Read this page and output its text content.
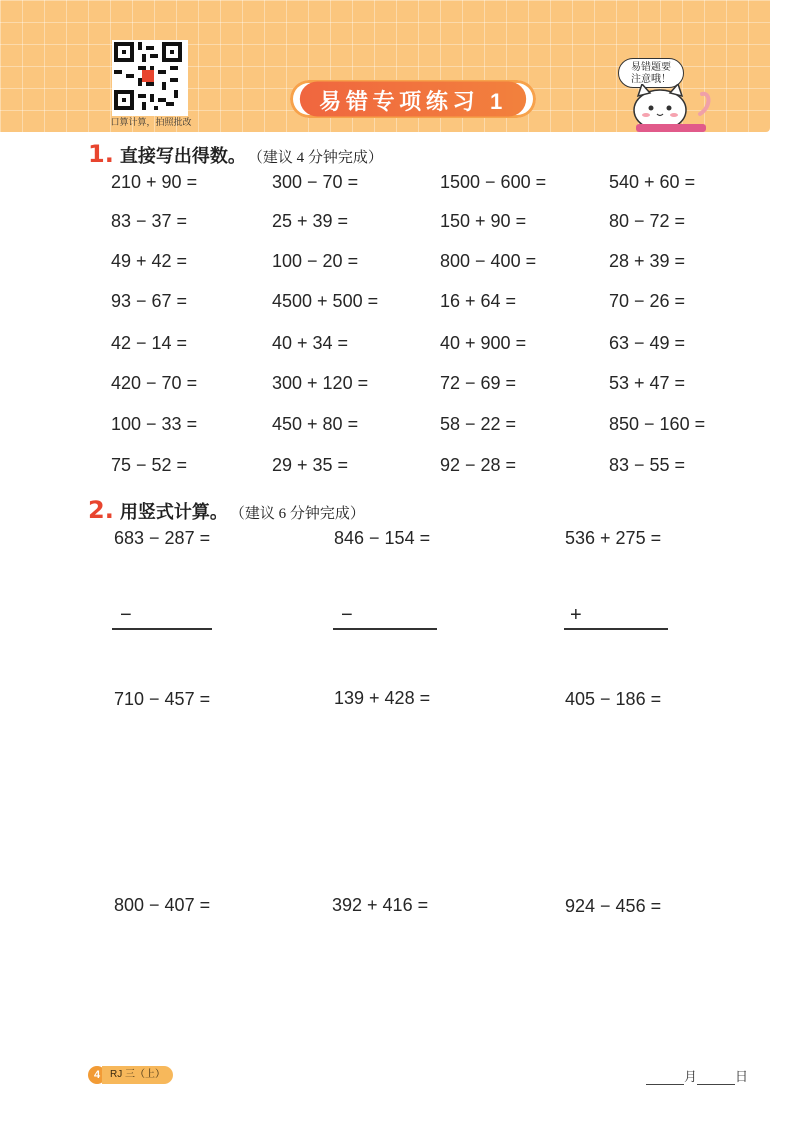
口算计算，拍照批改
易错专项练习 1
易错题要
注意哦！
1. 直接写出得数。 （建议 4 分钟完成）
210 + 90 =	300 − 70 =	1500 − 600 =	540 + 60 =
83 − 37 =	25 + 39 =	150 + 90 =	80 − 72 =
49 + 42 =	100 − 20 =	800 − 400 =	28 + 39 =
93 − 67 =	4500 + 500 =	16 + 64 =	70 − 26 =
42 − 14 =	40 + 34 =	40 + 900 =	63 − 49 =
420 − 70 =	300 + 120 =	72 − 69 =	53 + 47 =
100 − 33 =	450 + 80 =	58 − 22 =	850 − 160 =
75 − 52 =	29 + 35 =	92 − 28 =	83 − 55 =
2. 用竖式计算。 （建议 6 分钟完成）
683 − 287 =	846 − 154 =	536 + 275 =
−	−	+
710 − 457 =	139 + 428 =	405 − 186 =
800 − 407 =	392 + 416 =	924 − 456 =
4 RJ 三（上）	月	日
